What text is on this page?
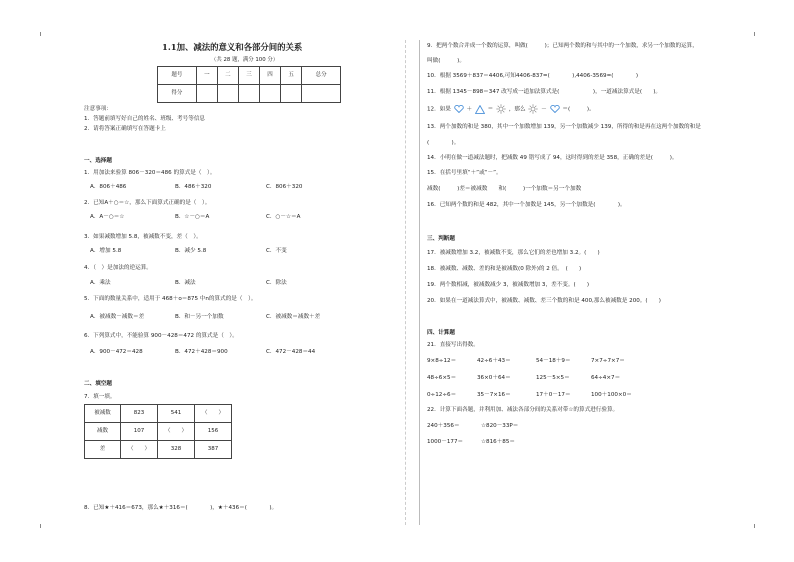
1.1加、减法的意义和各部分间的关系
（共 28 题，满分 100 分）
题号	一	二	三	四	五	总分
得分						
注意事项：
1．答题前填写好自己的姓名、班级、考号等信息
2．请将答案正确填写在答题卡上
一、选择题
1．用加法来验算 806－320＝486 的算式是（　）。
A．806＋486	B．486＋320	C．806＋320
2．已知A＋○＝☆，那么下面算式正确的是（　）。
A．A－○＝☆	B．☆－○＝A	C．○－☆＝A
3．如果减数增加 5.8，被减数不变，差（　）。
A．增加 5.8	B．减少 5.8	C．不变
4．（　）是加法的逆运算。
A．乘法	B．减法	C．除法
5．下面的数量关系中，适用于 468＋o＝875 中n的算式的是（　）。
A．被减数－减数＝差	B．和－另一个加数	C．被减数＝减数＋差
6．下列算式中，不能验算 900－428＝472 的算式是（　）。
A．900－472＝428	B．472＋428＝900	C．472－428＝44
二、填空题
7．填一填。
被减数	823	541	（　　）
减数	107	（　　）	156
差	（　　）	328	387
8．已知★＋416＝673，那么★＋316＝(　　　　)，★＋436＝(　　　　)。
9．把两个数合并成一个数的运算，叫做(　　　)；已知两个数的和与其中的一个加数，求另一个加数的运算，
叫做(　　　)。
10．根据 3569＋837＝4406,可知4406-837=(　　　　),4406-3569=(　　　　)
11．根据 1345－898＝347 改写成一道加法算式是(　　　　　　)，一道减法算式是(　　)。
12．如果	＋	＝	，那么	－	＝(　　　)。
13．两个加数的和是 380，其中一个加数增加 139，另一个加数减少 139，所得的和是再在这两个加数的和是
(　　　　)。
14．小明在做一道减法题时，把减数 49 错写成了 94，这时得到的差是 358，正确的差是(　　　)。
15．在括号里填“＋”或“－”。
减数(　　　)差＝被减数　　和(　　　)一个加数＝另一个加数
16．已知两个数的和是 482，其中一个加数是 145，另一个加数是(　　　　)。
三、判断题
17．被减数增加 3.2，被减数不变，那么它们的差也增加 3.2。(　　)
18．被减数、减数、差的和是被减数(0 除外)的 2 倍。　(　　)
19．两个数相减，被减数减少 3，被减数增加 3，差不变。(　　)
20．如果在一道减法算式中，被减数、减数、差三个数的和是 400,那么被减数是 200。(　　)
四、计算题
21．直接写出得数。
9×8÷12＝	42÷6＋43＝	54－18＋9＝	7×7÷7×7＝
48÷6×5＝	36×0＋64＝	125－5×5＝	64÷4×7＝
0÷12÷6＝	35－7×16＝	17＋0－17＝	100＋100×0＝
22．计算下面各题，并利用加、减法各部分间的关系对带☆的算式进行验算。
240＋356＝	☆820－33P＝
1000－177＝	☆816＋85＝
